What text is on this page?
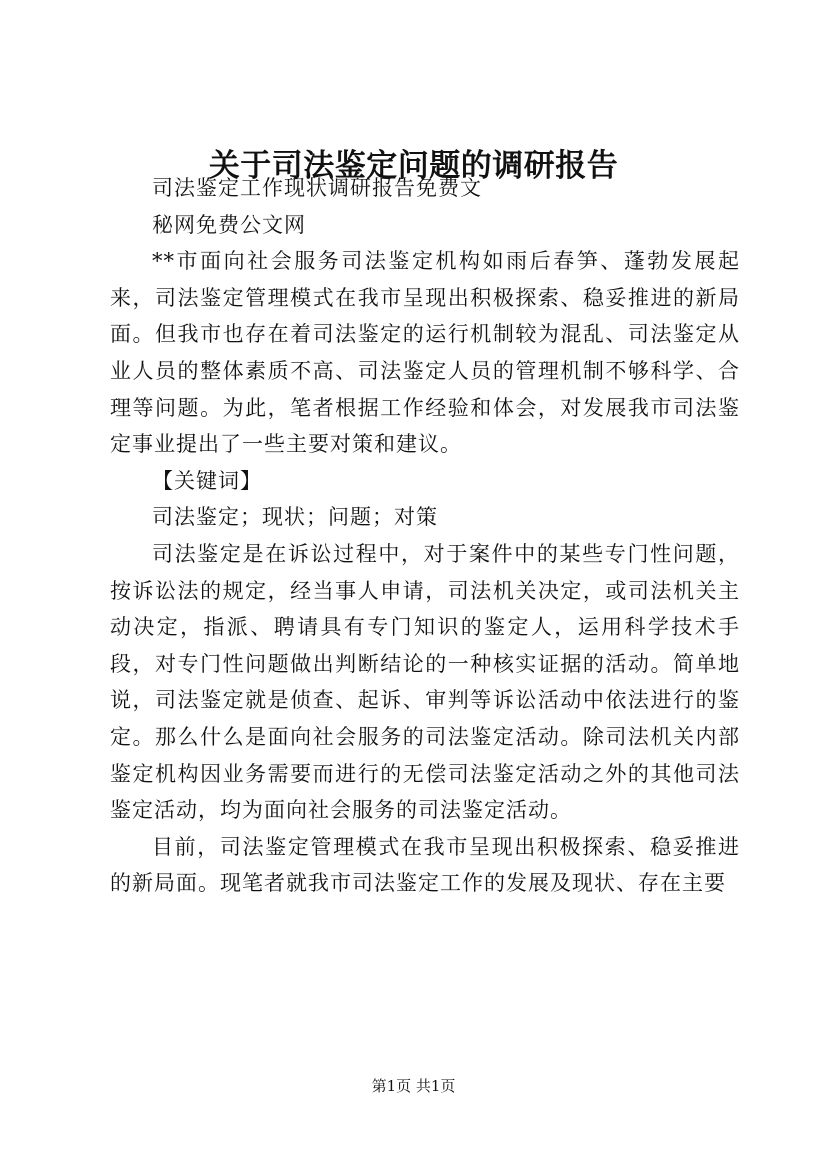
关于司法鉴定问题的调研报告

司法鉴定工作现状调研报告免费文

秘网免费公文网

**市面向社会服务司法鉴定机构如雨后春笋、蓬勃发展起来，司法鉴定管理模式在我市呈现出积极探索、稳妥推进的新局面。但我市也存在着司法鉴定的运行机制较为混乱、司法鉴定从业人员的整体素质不高、司法鉴定人员的管理机制不够科学、合理等问题。为此，笔者根据工作经验和体会，对发展我市司法鉴定事业提出了一些主要对策和建议。

【关键词】

司法鉴定；现状；问题；对策

司法鉴定是在诉讼过程中，对于案件中的某些专门性问题，按诉讼法的规定，经当事人申请，司法机关决定，或司法机关主动决定，指派、聘请具有专门知识的鉴定人，运用科学技术手段，对专门性问题做出判断结论的一种核实证据的活动。简单地说，司法鉴定就是侦查、起诉、审判等诉讼活动中依法进行的鉴定。那么什么是面向社会服务的司法鉴定活动。除司法机关内部鉴定机构因业务需要而进行的无偿司法鉴定活动之外的其他司法鉴定活动，均为面向社会服务的司法鉴定活动。

目前，司法鉴定管理模式在我市呈现出积极探索、稳妥推进的新局面。现笔者就我市司法鉴定工作的发展及现状、存在主要

第1页 共1页
